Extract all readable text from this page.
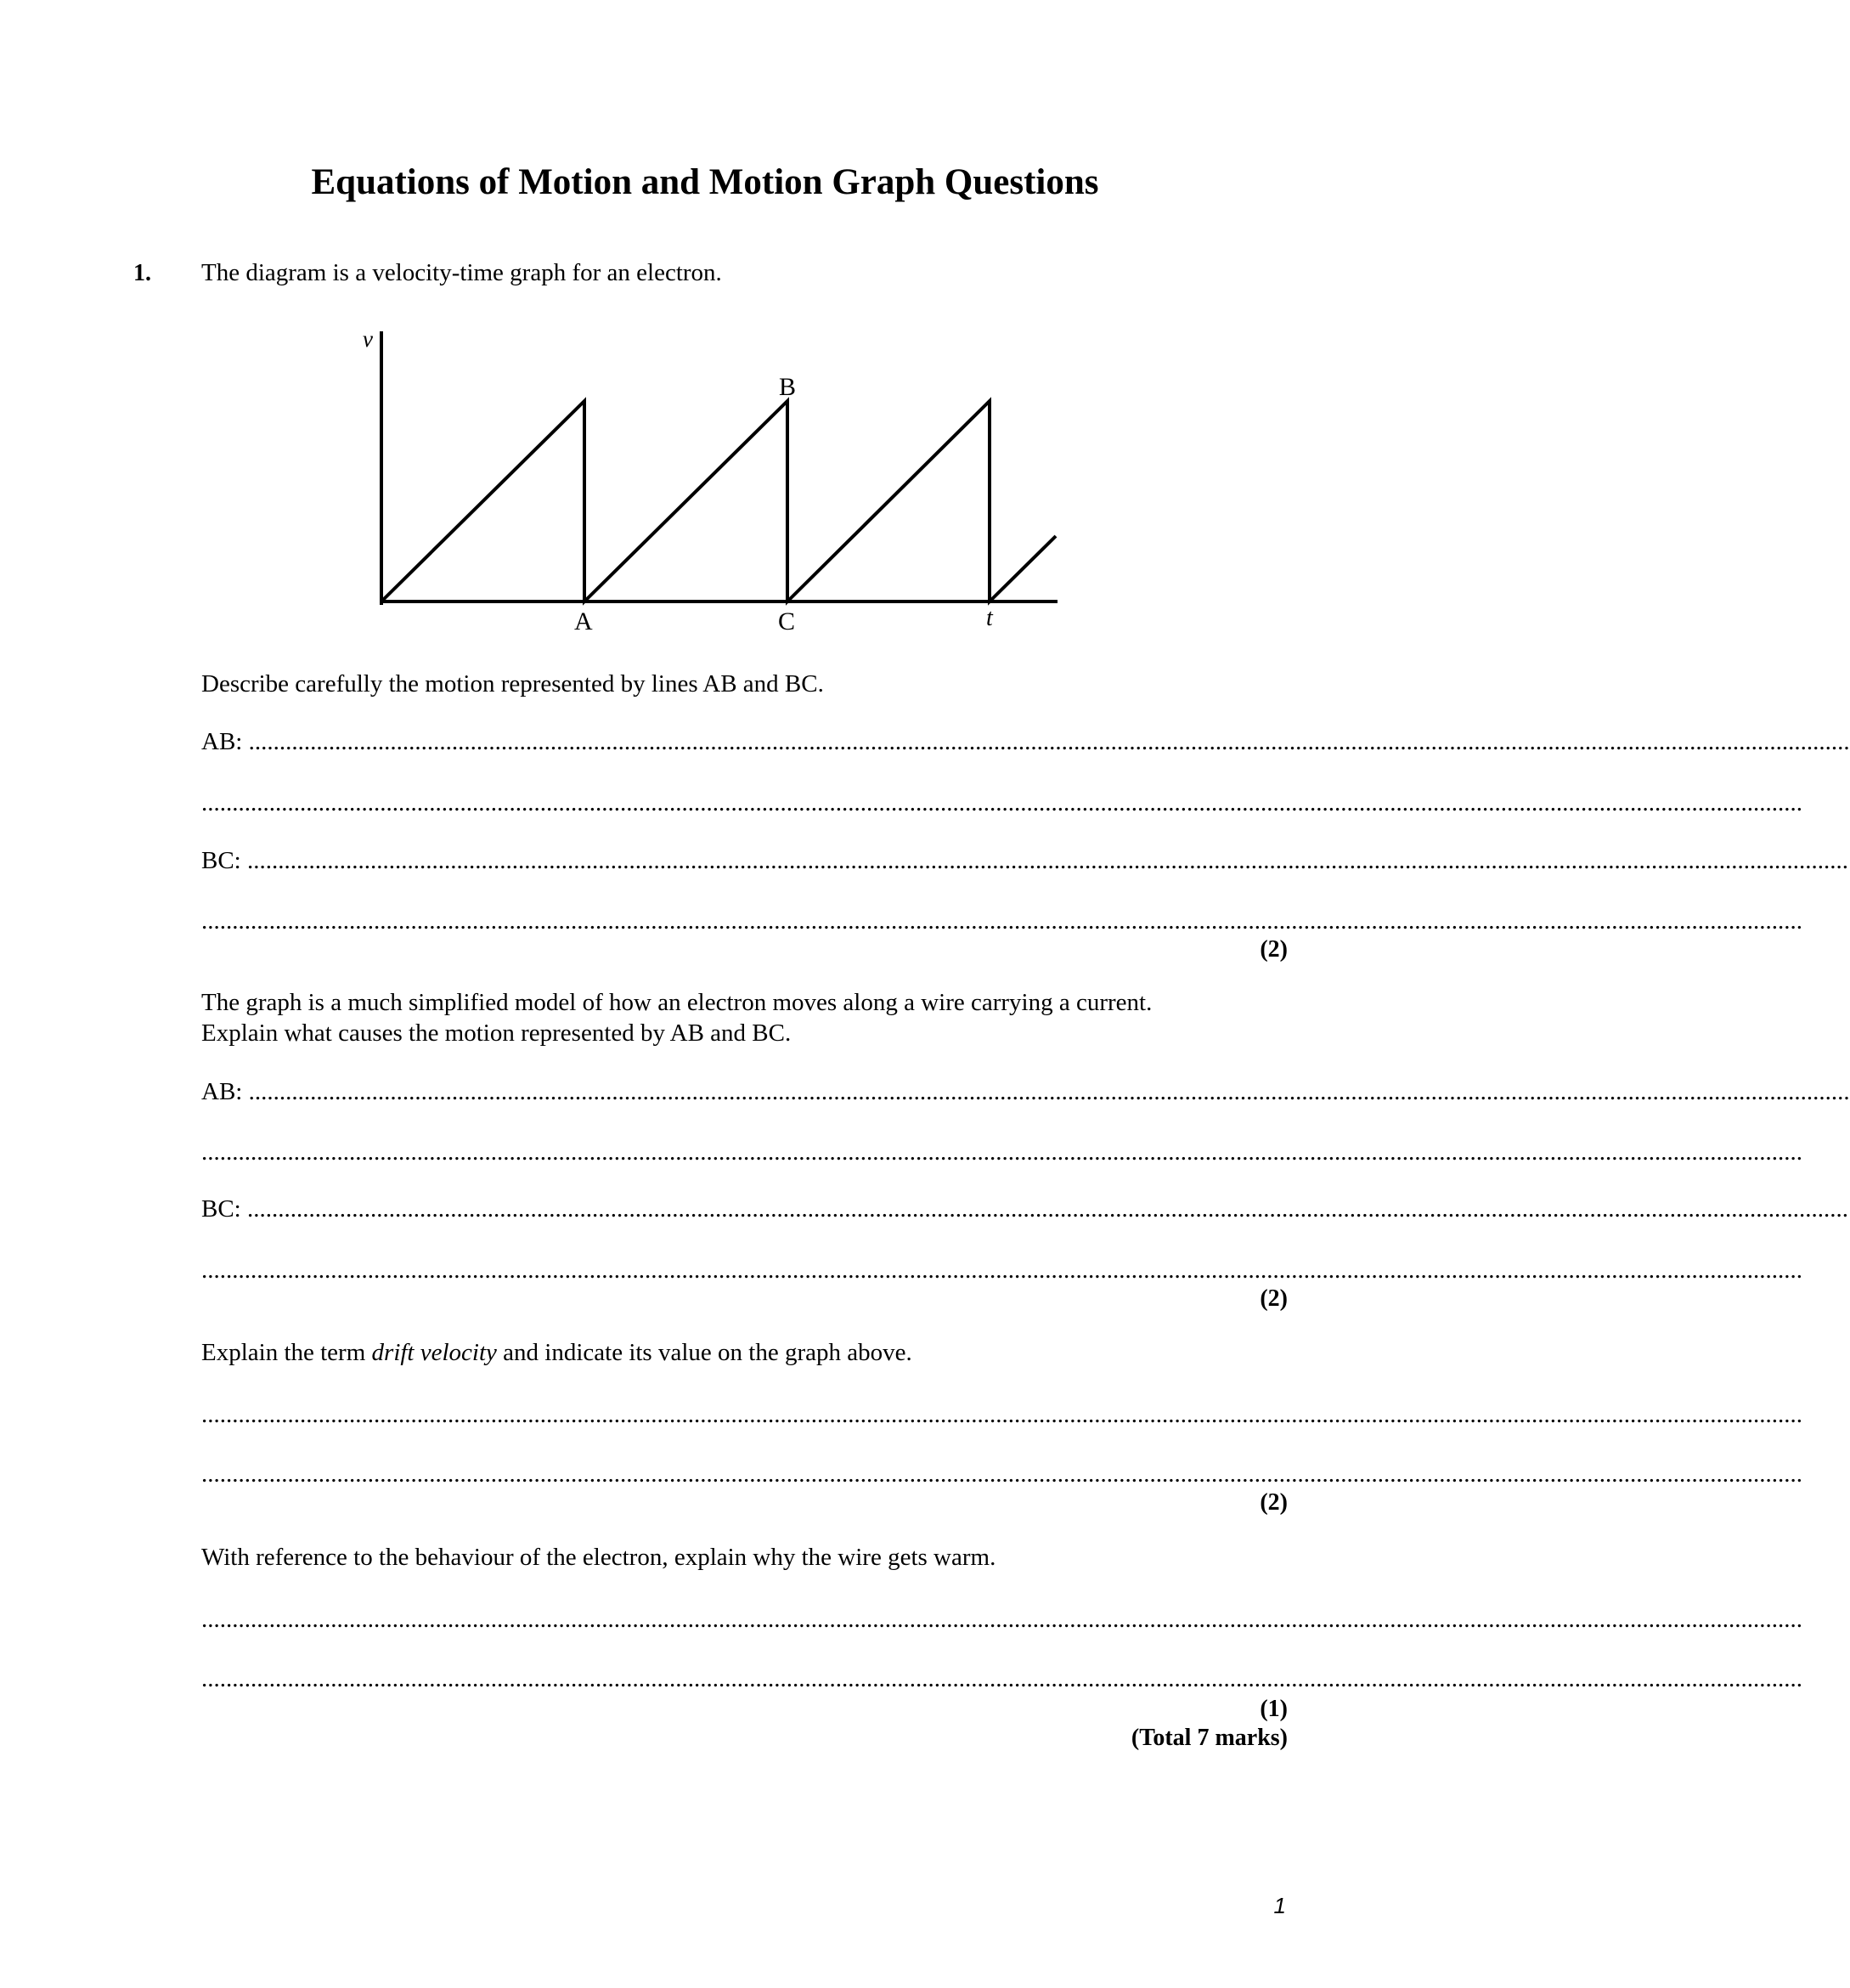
Equations of Motion and Motion Graph Questions
1. The diagram is a velocity-time graph for an electron.
v
t
A
B
C
Describe carefully the motion represented by lines AB and BC.
AB: ....................................................................................................................................................................................................................................................................
....................................................................................................................................................................................................................................................................
BC: ....................................................................................................................................................................................................................................................................
....................................................................................................................................................................................................................................................................
(2)
The graph is a much simplified model of how an electron moves along a wire carrying a current.
Explain what causes the motion represented by AB and BC.
AB: ....................................................................................................................................................................................................................................................................
....................................................................................................................................................................................................................................................................
BC: ....................................................................................................................................................................................................................................................................
....................................................................................................................................................................................................................................................................
(2)
Explain the term drift velocity and indicate its value on the graph above.
....................................................................................................................................................................................................................................................................
....................................................................................................................................................................................................................................................................
(2)
With reference to the behaviour of the electron, explain why the wire gets warm.
....................................................................................................................................................................................................................................................................
....................................................................................................................................................................................................................................................................
(1)
(Total 7 marks)
1
